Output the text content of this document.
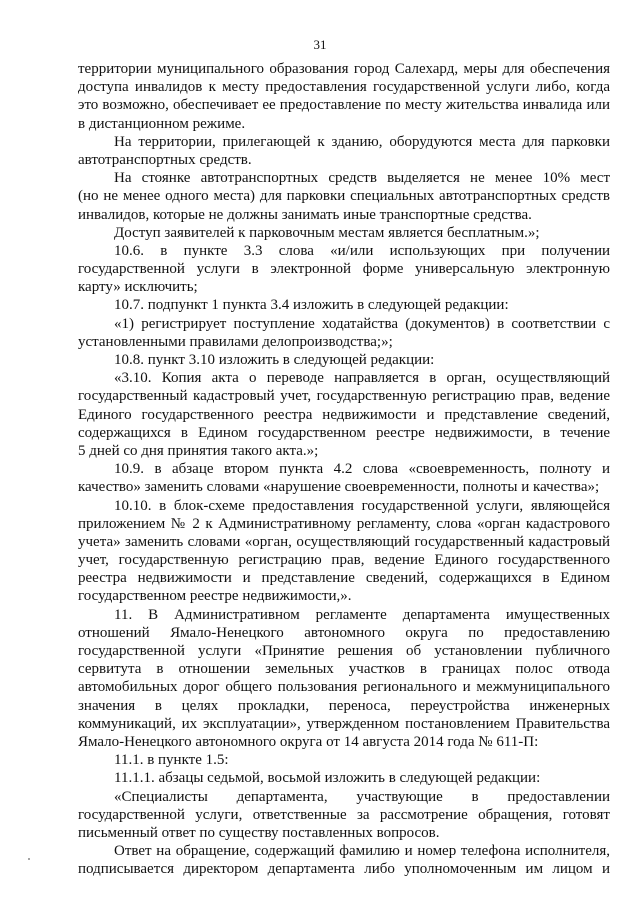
31
территории муниципального образования город Салехард, меры для обеспечения
доступа инвалидов к месту предоставления государственной услуги либо, когда
это возможно, обеспечивает ее предоставление по месту жительства инвалида или
в дистанционном режиме.
На территории, прилегающей к зданию, оборудуются места для парковки
автотранспортных средств.
На стоянке автотранспортных средств выделяется не менее 10% мест
(но не менее одного места) для парковки специальных автотранспортных средств
инвалидов, которые не должны занимать иные транспортные средства.
Доступ заявителей к парковочным местам является бесплатным.»;
10.6. в пункте 3.3 слова «и/или использующих при получении
государственной услуги в электронной форме универсальную электронную
карту» исключить;
10.7. подпункт 1 пункта 3.4 изложить в следующей редакции:
«1) регистрирует поступление ходатайства (документов) в соответствии с
установленными правилами делопроизводства;»;
10.8. пункт 3.10 изложить в следующей редакции:
«3.10. Копия акта о переводе направляется в орган, осуществляющий
государственный кадастровый учет, государственную регистрацию прав, ведение
Единого государственного реестра недвижимости и представление сведений,
содержащихся в Едином государственном реестре недвижимости, в течение
5 дней со дня принятия такого акта.»;
10.9. в абзаце втором пункта 4.2 слова «своевременность, полноту и
качество» заменить словами «нарушение своевременности, полноты и качества»;
10.10. в блок-схеме предоставления государственной услуги, являющейся
приложением № 2 к Административному регламенту, слова «орган кадастрового
учета» заменить словами «орган, осуществляющий государственный кадастровый
учет, государственную регистрацию прав, ведение Единого государственного
реестра недвижимости и представление сведений, содержащихся в Едином
государственном реестре недвижимости,».
11. В Административном регламенте департамента имущественных
отношений Ямало-Ненецкого автономного округа по предоставлению
государственной услуги «Принятие решения об установлении публичного
сервитута в отношении земельных участков в границах полос отвода
автомобильных дорог общего пользования регионального и межмуниципального
значения в целях прокладки, переноса, переустройства инженерных
коммуникаций, их эксплуатации», утвержденном постановлением Правительства
Ямало-Ненецкого автономного округа от 14 августа 2014 года № 611-П:
11.1. в пункте 1.5:
11.1.1. абзацы седьмой, восьмой изложить в следующей редакции:
«Специалисты департамента, участвующие в предоставлении
государственной услуги, ответственные за рассмотрение обращения, готовят
письменный ответ по существу поставленных вопросов.
Ответ на обращение, содержащий фамилию и номер телефона исполнителя,
подписывается директором департамента либо уполномоченным им лицом и
